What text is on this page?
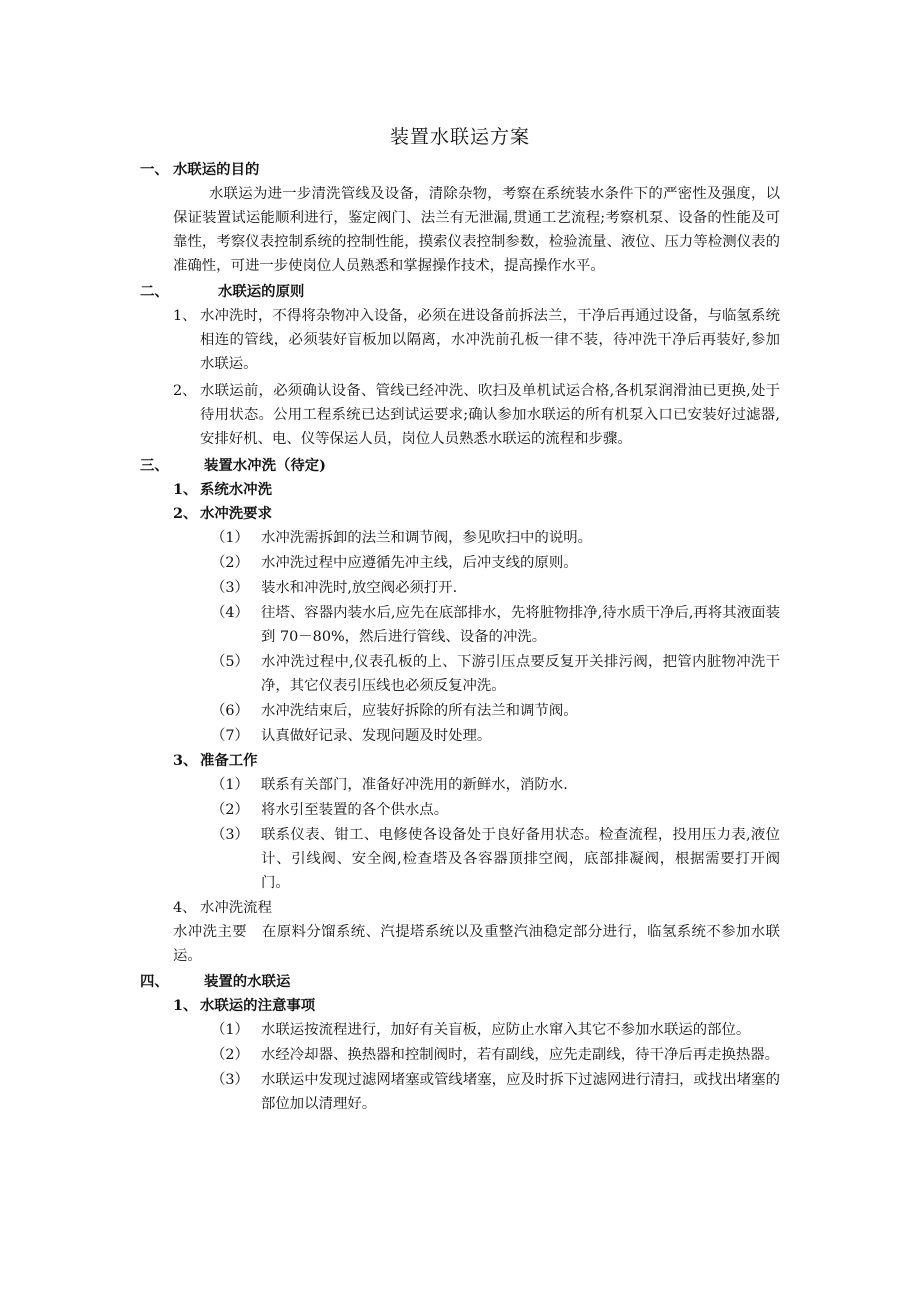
装置水联运方案
一、 水联运的目的
水联运为进一步清洗管线及设备，清除杂物，考察在系统装水条件下的严密性及强度，以保证装置试运能顺利进行，鉴定阀门、法兰有无泄漏,贯通工艺流程;考察机泵、设备的性能及可靠性，考察仪表控制系统的控制性能，摸索仪表控制参数，检验流量、液位、压力等检测仪表的准确性，可进一步使岗位人员熟悉和掌握操作技术，提高操作水平。
二、	水联运的原则
1、 水冲洗时，不得将杂物冲入设备，必须在进设备前拆法兰，干净后再通过设备，与临氢系统相连的管线，必须装好盲板加以隔离，水冲洗前孔板一律不装，待冲洗干净后再装好,参加水联运。
2、 水联运前，必须确认设备、管线已经冲洗、吹扫及单机试运合格,各机泵润滑油已更换,处于待用状态。公用工程系统已达到试运要求;确认参加水联运的所有机泵入口已安装好过滤器,安排好机、电、仪等保运人员，岗位人员熟悉水联运的流程和步骤。
三、 装置水冲洗（待定)
1、 系统水冲洗
2、 水冲洗要求
（1） 水冲洗需拆卸的法兰和调节阀，参见吹扫中的说明。
（2） 水冲洗过程中应遵循先冲主线，后冲支线的原则。
（3） 装水和冲洗时,放空阀必须打开.
（4） 往塔、容器内装水后,应先在底部排水，先将脏物排净,待水质干净后,再将其液面装到 70－80%，然后进行管线、设备的冲洗。
（5） 水冲洗过程中,仪表孔板的上、下游引压点要反复开关排污阀，把管内脏物冲洗干净，其它仪表引压线也必须反复冲洗。
（6） 水冲洗结束后，应装好拆除的所有法兰和调节阀。
（7） 认真做好记录、发现问题及时处理。
3、 准备工作
（1） 联系有关部门，准备好冲洗用的新鲜水，消防水.
（2） 将水引至装置的各个供水点。
（3） 联系仪表、钳工、电修使各设备处于良好备用状态。检查流程，投用压力表,液位计、引线阀、安全阀,检查塔及各容器顶排空阀，底部排凝阀，根据需要打开阀门。
4、 水冲洗流程
水冲洗主要　在原料分馏系统、汽提塔系统以及重整汽油稳定部分进行，临氢系统不参加水联运。
四、 装置的水联运
1、 水联运的注意事项
（1） 水联运按流程进行，加好有关盲板，应防止水窜入其它不参加水联运的部位。
（2） 水经冷却器、换热器和控制阀时，若有副线，应先走副线，待干净后再走换热器。
（3） 水联运中发现过滤网堵塞或管线堵塞，应及时拆下过滤网进行清扫，或找出堵塞的部位加以清理好。
